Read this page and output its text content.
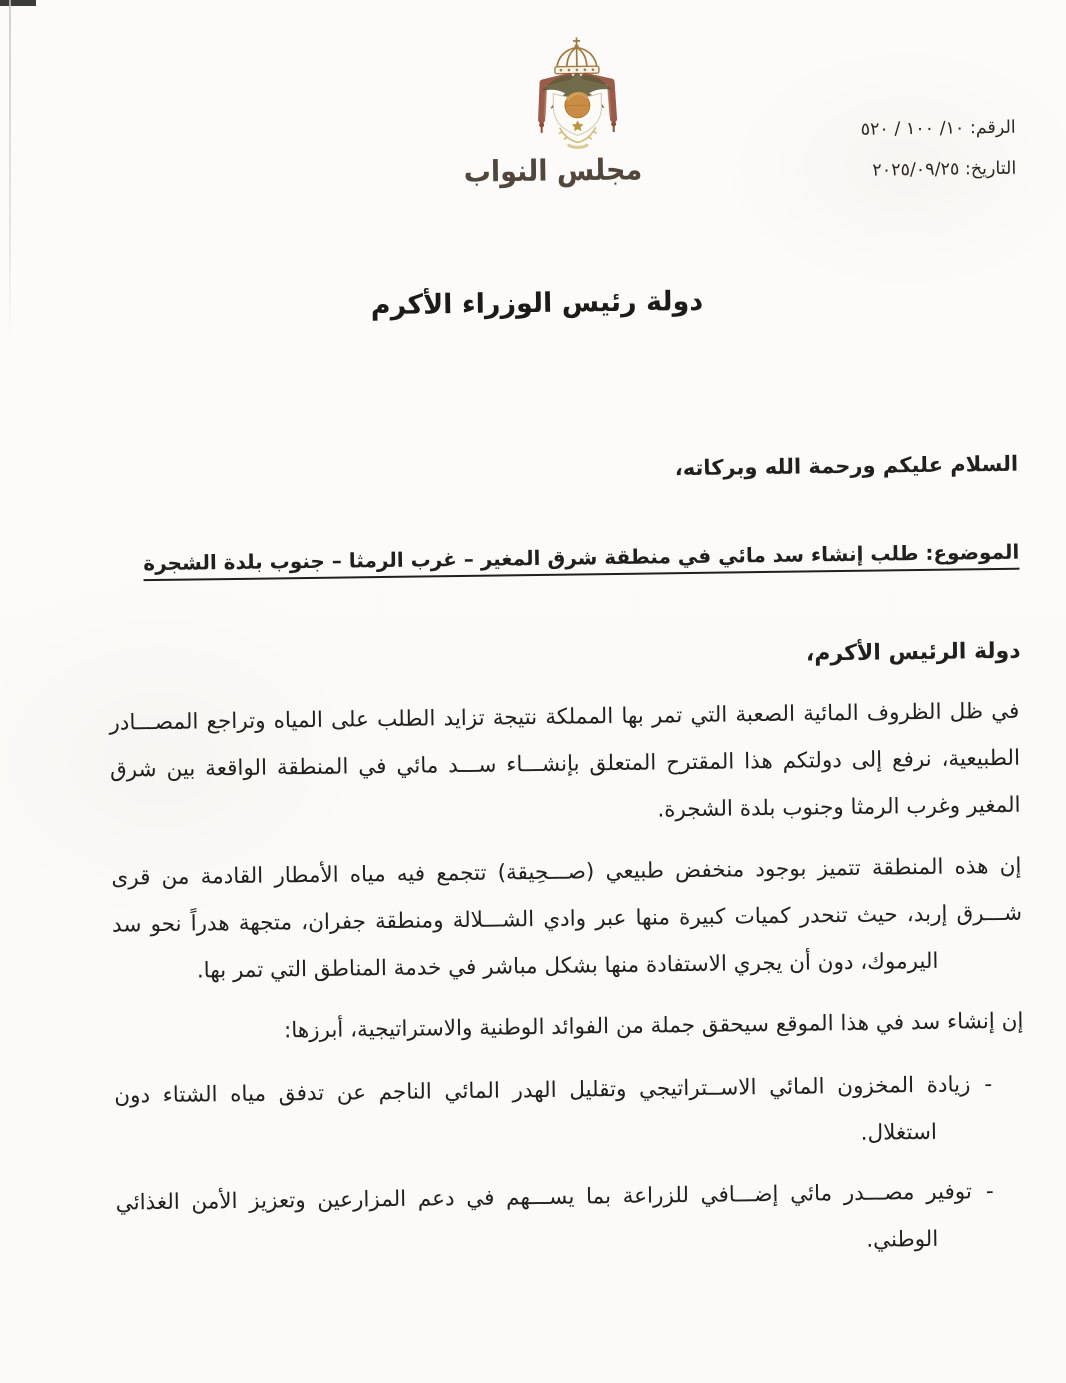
مجلس النواب
الرقم: ١٠/ ١٠٠ / ٥٢٠
التاريخ: ٢٠٢٥/٠٩/٢٥
دولة رئيس الوزراء الأكرم
السلام عليكم ورحمة الله وبركاته،
الموضوع: طلب إنشاء سد مائي في منطقة شرق المغير – غرب الرمثا – جنوب بلدة الشجرة
دولة الرئيس الأكرم،

في ظل الظروف المائية الصعبة التي تمر بها المملكة نتيجة تزايد الطلب على المياه وتراجع المصـــادر الطبيعية، نرفع إلى دولتكم هذا المقترح المتعلق بإنشـــاء ســـد مائي في المنطقة الواقعة بين شرق المغير وغرب الرمثا وجنوب بلدة الشجرة.

إن هذه المنطقة تتميز بوجود منخفض طبيعي (صـــحِيقة) تتجمع فيه مياه الأمطار القادمة من قرى شـــرق إربد، حيث تنحدر كميات كبيرة منها عبر وادي الشـــلالة ومنطقة جفران، متجهة هدراً نحو سد اليرموك، دون أن يجري الاستفادة منها بشكل مباشر في خدمة المناطق التي تمر بها.

إن إنشاء سد في هذا الموقع سيحقق جملة من الفوائد الوطنية والاستراتيجية، أبرزها:

-زيادة المخزون المائي الاســتراتيجي وتقليل الهدر المائي الناجم عن تدفق مياه الشتاء دون استغلال.
-توفير مصـــدر مائي إضـــافي للزراعة بما يســـهم في دعم المزارعين وتعزيز الأمن الغذائي الوطني.
